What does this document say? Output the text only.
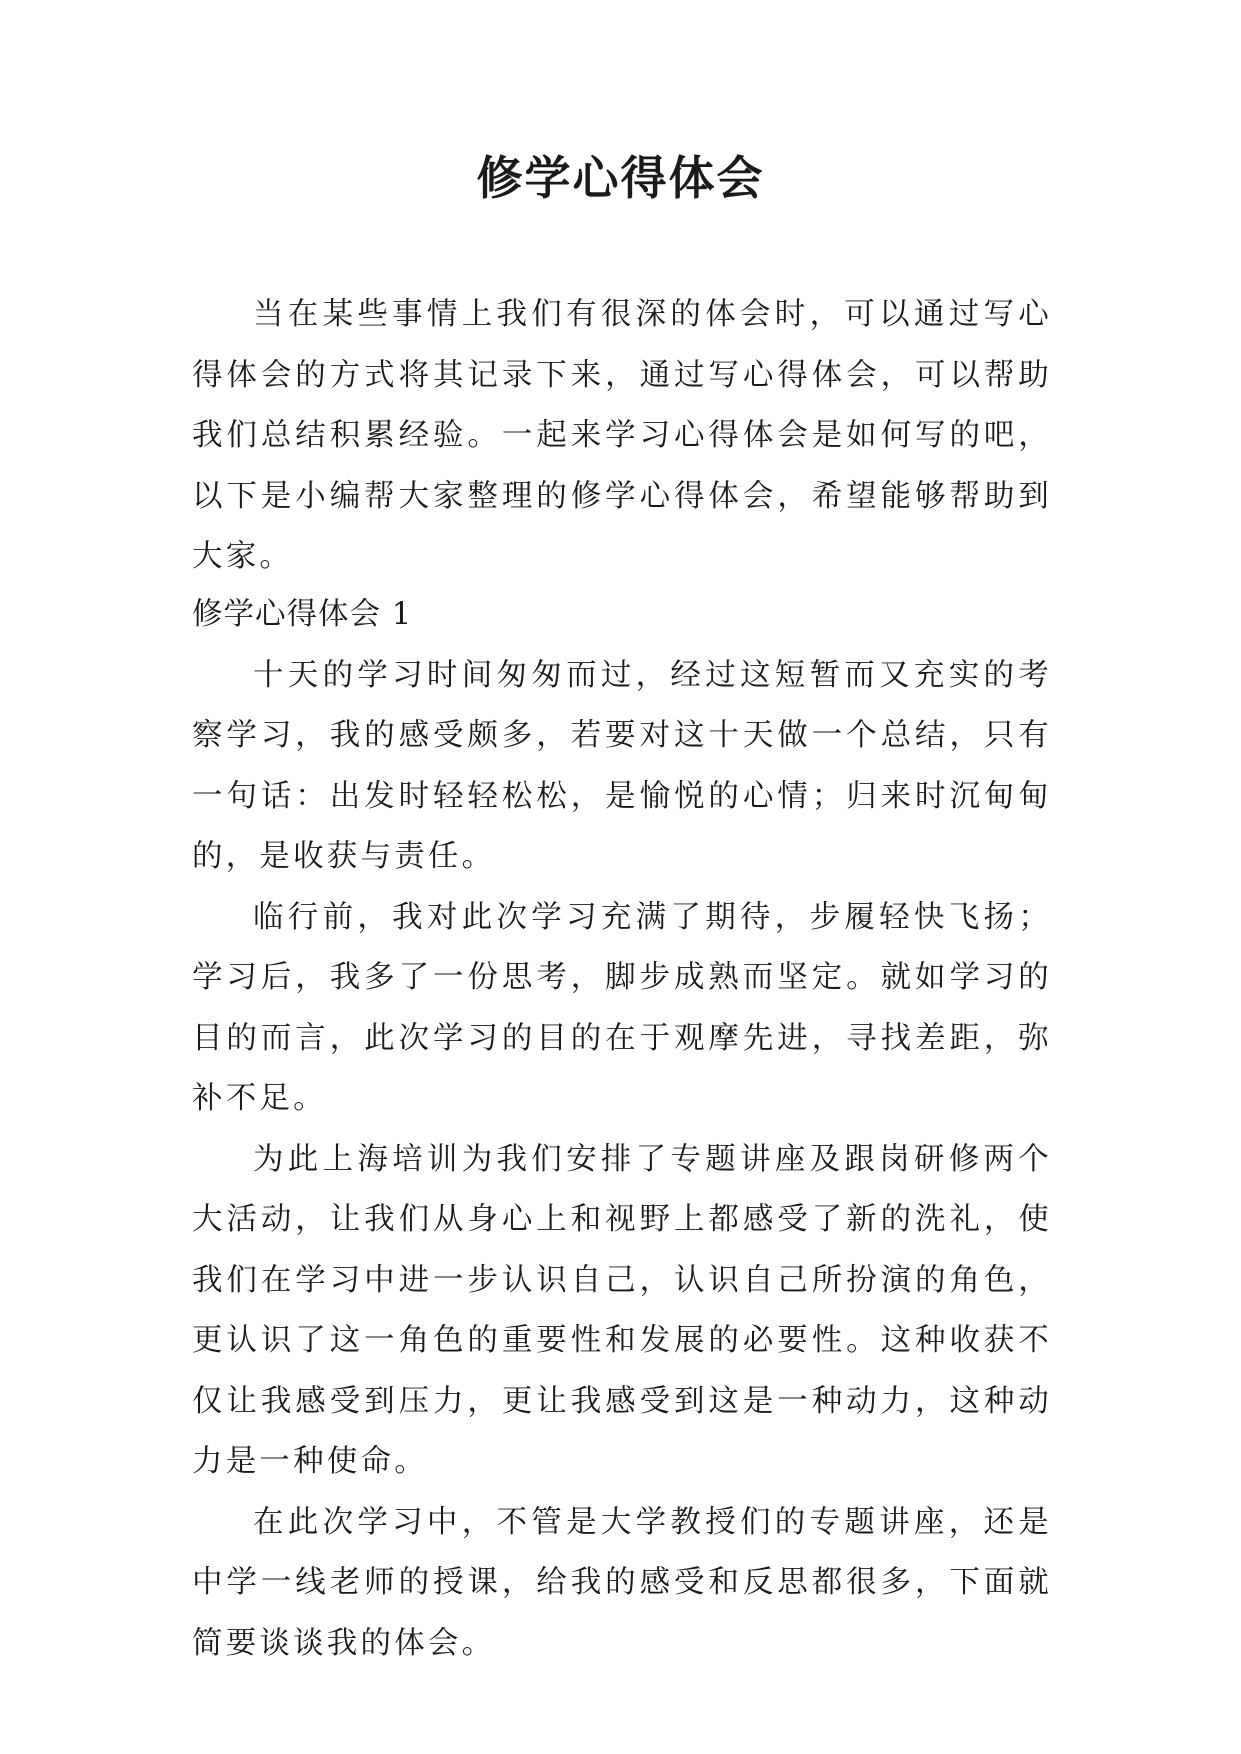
修学心得体会

当在某些事情上我们有很深的体会时，可以通过写心得体会的方式将其记录下来，通过写心得体会，可以帮助我们总结积累经验。一起来学习心得体会是如何写的吧，以下是小编帮大家整理的修学心得体会，希望能够帮助到大家。

修学心得体会 1

十天的学习时间匆匆而过，经过这短暂而又充实的考察学习，我的感受颇多，若要对这十天做一个总结，只有一句话：出发时轻轻松松，是愉悦的心情；归来时沉甸甸的，是收获与责任。

临行前，我对此次学习充满了期待，步履轻快飞扬；学习后，我多了一份思考，脚步成熟而坚定。就如学习的目的而言，此次学习的目的在于观摩先进，寻找差距，弥补不足。

为此上海培训为我们安排了专题讲座及跟岗研修两个大活动，让我们从身心上和视野上都感受了新的洗礼，使我们在学习中进一步认识自己，认识自己所扮演的角色，更认识了这一角色的重要性和发展的必要性。这种收获不仅让我感受到压力，更让我感受到这是一种动力，这种动力是一种使命。

在此次学习中，不管是大学教授们的专题讲座，还是中学一线老师的授课，给我的感受和反思都很多，下面就简要谈谈我的体会。
